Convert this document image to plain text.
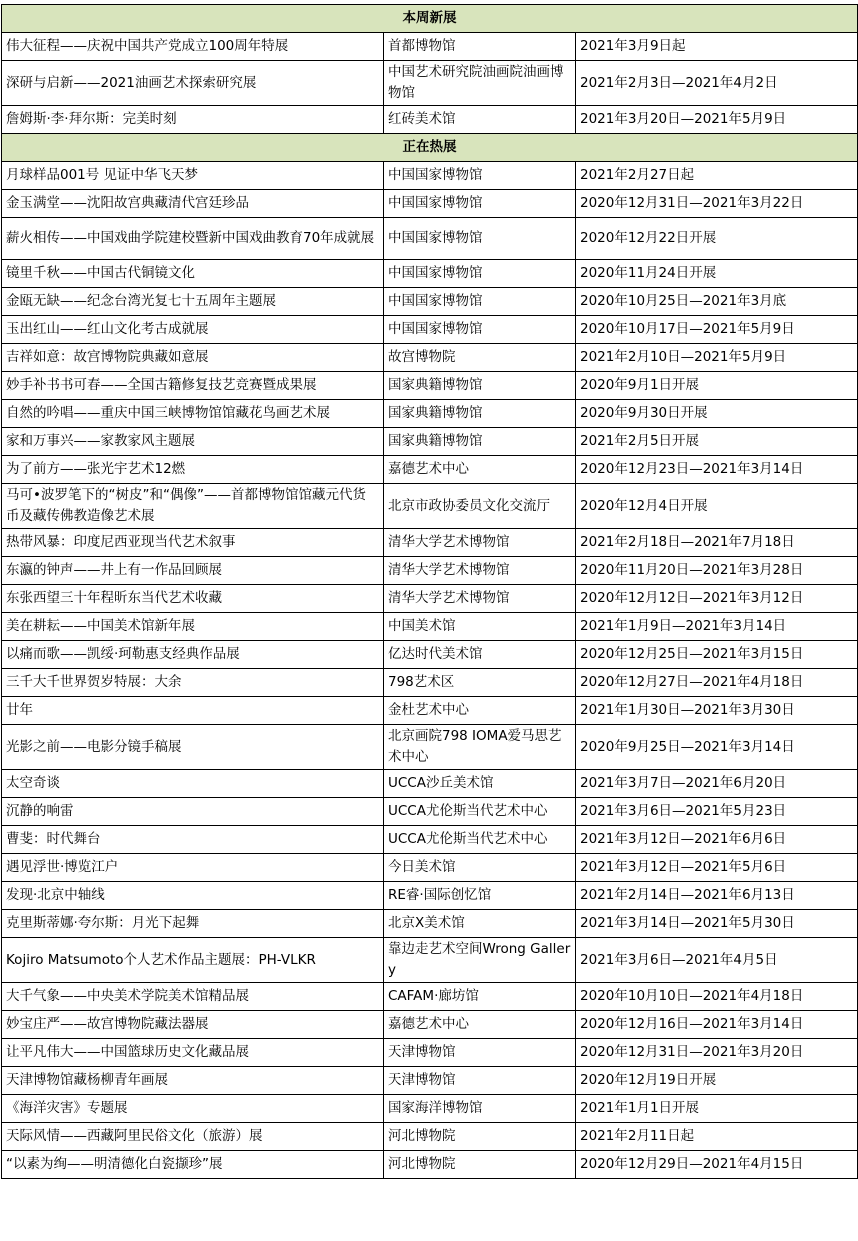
本周新展		
伟大征程——庆祝中国共产党成立100周年特展	首都博物馆	2021年3月9日起
深研与启新——2021油画艺术探索研究展	中国艺术研究院油画院油画博物馆	2021年2月3日—2021年4月2日
詹姆斯·李·拜尔斯：完美时刻	红砖美术馆	2021年3月20日—2021年5月9日
正在热展		
月球样品001号 见证中华飞天梦	中国国家博物馆	2021年2月27日起
金玉满堂——沈阳故宫典藏清代宫廷珍品	中国国家博物馆	2020年12月31日—2021年3月22日
薪火相传——中国戏曲学院建校暨新中国戏曲教育70年成就展	中国国家博物馆	2020年12月22日开展
镜里千秋——中国古代铜镜文化	中国国家博物馆	2020年11月24日开展
金瓯无缺——纪念台湾光复七十五周年主题展	中国国家博物馆	2020年10月25日—2021年3月底
玉出红山——红山文化考古成就展	中国国家博物馆	2020年10月17日—2021年5月9日
吉祥如意：故宫博物院典藏如意展	故宫博物院	2021年2月10日—2021年5月9日
妙手补书书可春——全国古籍修复技艺竞赛暨成果展	国家典籍博物馆	2020年9月1日开展
自然的吟唱——重庆中国三峡博物馆馆藏花鸟画艺术展	国家典籍博物馆	2020年9月30日开展
家和万事兴——家教家风主题展	国家典籍博物馆	2021年2月5日开展
为了前方——张光宇艺术12燃	嘉德艺术中心	2020年12月23日—2021年3月14日
马可•波罗笔下的“树皮”和“偶像”——首都博物馆馆藏元代货币及藏传佛教造像艺术展	北京市政协委员文化交流厅	2020年12月4日开展
热带风暴：印度尼西亚现当代艺术叙事	清华大学艺术博物馆	2021年2月18日—2021年7月18日
东瀛的钟声——井上有一作品回顾展	清华大学艺术博物馆	2020年11月20日—2021年3月28日
东张西望三十年程昕东当代艺术收藏	清华大学艺术博物馆	2020年12月12日—2021年3月12日
美在耕耘——中国美术馆新年展	中国美术馆	2021年1月9日—2021年3月14日
以痛而歌——凯绥·珂勒惠支经典作品展	亿达时代美术馆	2020年12月25日—2021年3月15日
三千大千世界贺岁特展：大余	798艺术区	2020年12月27日—2021年4月18日
廿年	金杜艺术中心	2021年1月30日—2021年3月30日
光影之前——电影分镜手稿展	北京画院798 IOMA爱马思艺术中心	2020年9月25日—2021年3月14日
太空奇谈	UCCA沙丘美术馆	2021年3月7日—2021年6月20日
沉静的响雷	UCCA尤伦斯当代艺术中心	2021年3月6日—2021年5月23日
曹斐：时代舞台	UCCA尤伦斯当代艺术中心	2021年3月12日—2021年6月6日
遇见浮世·博览江户	今日美术馆	2021年3月12日—2021年5月6日
发现·北京中轴线	RE睿·国际创忆馆	2021年2月14日—2021年6月13日
克里斯蒂娜·夸尔斯：月光下起舞	北京X美术馆	2021年3月14日—2021年5月30日
Kojiro Matsumoto个人艺术作品主题展：PH-VLKR	靠边走艺术空间Wrong Gallery	2021年3月6日—2021年4月5日
大千气象——中央美术学院美术馆精品展	CAFAM·廊坊馆	2020年10月10日—2021年4月18日
妙宝庄严——故宫博物院藏法器展	嘉德艺术中心	2020年12月16日—2021年3月14日
让平凡伟大——中国篮球历史文化藏品展	天津博物馆	2020年12月31日—2021年3月20日
天津博物馆藏杨柳青年画展	天津博物馆	2020年12月19日开展
《海洋灾害》专题展	国家海洋博物馆	2021年1月1日开展
天际风情——西藏阿里民俗文化（旅游）展	河北博物院	2021年2月11日起
“以素为绚——明清德化白瓷撷珍”展	河北博物院	2020年12月29日—2021年4月15日
